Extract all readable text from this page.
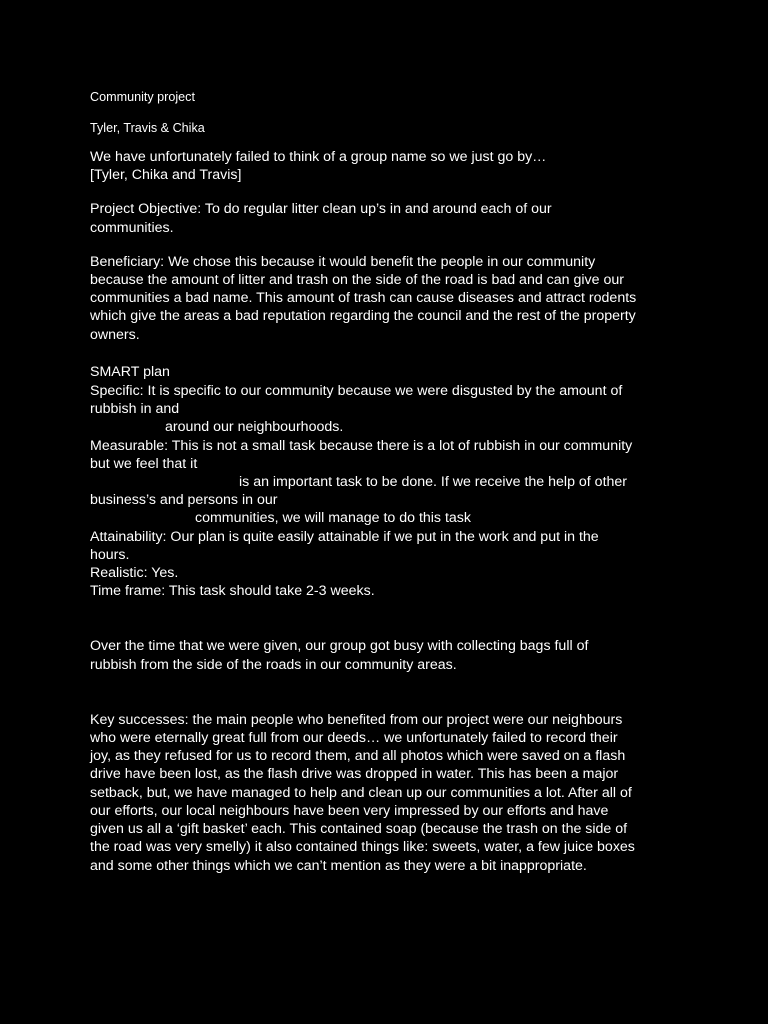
Community project
Tyler, Travis & Chika
We have unfortunately failed to think of a group name so we just go by…
[Tyler, Chika and Travis]
Project Objective: To do regular litter clean up’s in and around each of our
communities.
Beneficiary: We chose this because it would benefit the people in our community
because the amount of litter and trash on the side of the road is bad and can give our
communities a bad name. This amount of trash can cause diseases and attract rodents
which give the areas a bad reputation regarding the council and the rest of the property
owners.
SMART plan
Specific: It is specific to our community because we were disgusted by the amount of
rubbish in and
around our neighbourhoods.
Measurable: This is not a small task because there is a lot of rubbish in our community
but we feel that it
is an important task to be done. If we receive the help of other
business’s and persons in our
communities, we will manage to do this task
Attainability: Our plan is quite easily attainable if we put in the work and put in the
hours.
Realistic: Yes.
Time frame: This task should take 2-3 weeks.
Over the time that we were given, our group got busy with collecting bags full of
rubbish from the side of the roads in our community areas.
Key successes: the main people who benefited from our project were our neighbours
who were eternally great full from our deeds… we unfortunately failed to record their
joy, as they refused for us to record them, and all photos which were saved on a flash
drive have been lost, as the flash drive was dropped in water. This has been a major
setback, but, we have managed to help and clean up our communities a lot. After all of
our efforts, our local neighbours have been very impressed by our efforts and have
given us all a ‘gift basket’ each. This contained soap (because the trash on the side of
the road was very smelly) it also contained things like: sweets, water, a few juice boxes
and some other things which we can’t mention as they were a bit inappropriate.
